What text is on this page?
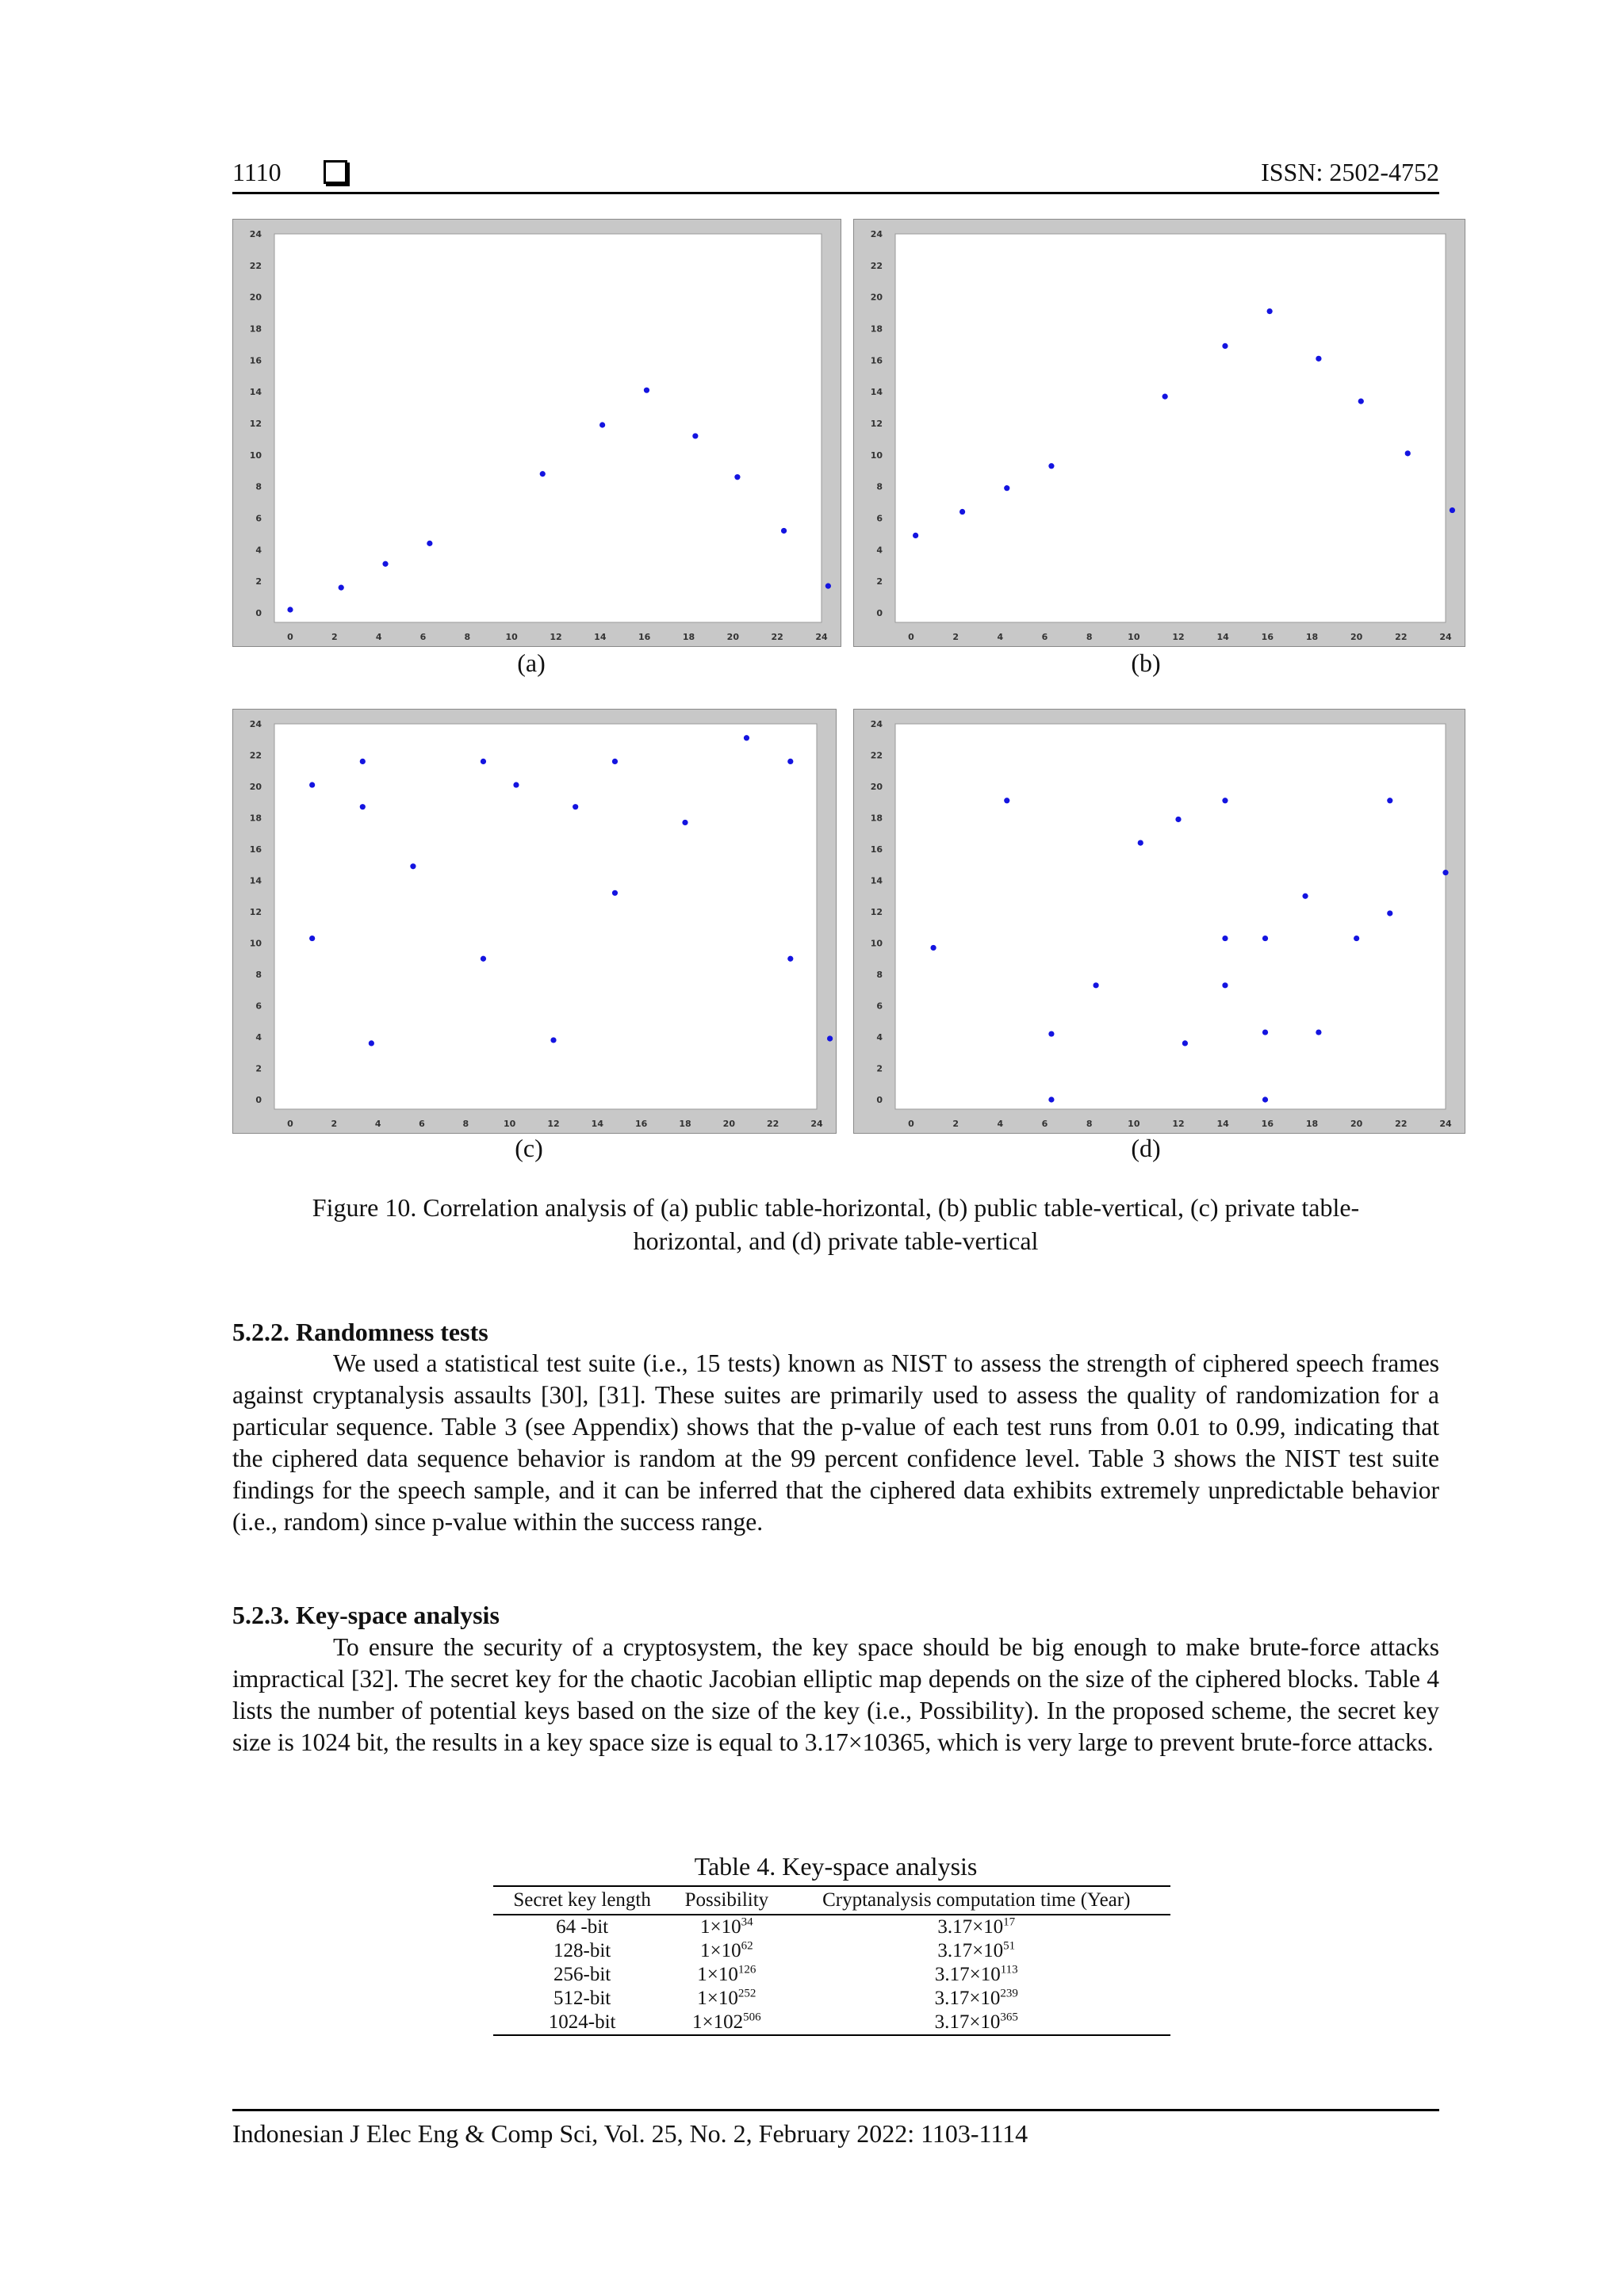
1110	ISSN: 2502-4752
0	2	4	6	8	10	12	14	16	18	20	22	24
0
2
4
6
8
10
12
14
16
18
20
22
24
0	2	4	6	8	10	12	14	16	18	20	22	24
0
2
4
6
8
10
12
14
16
18
20
22
24
0	2	4	6	8	10	12	14	16	18	20	22	24
0
2
4
6
8
10
12
14
16
18
20
22
24
0	2	4	6	8	10	12	14	16	18	20	22	24
0
2
4
6
8
10
12
14
16
18
20
22
24
(a)	(b)
(c)	(d)
Figure 10. Correlation analysis of (a) public table-horizontal, (b) public table-vertical, (c) private table-
horizontal, and (d) private table-vertical
5.2.2. Randomness tests

We used a statistical test suite (i.e., 15 tests) known as NIST to assess the strength of ciphered speech frames against cryptanalysis assaults [30], [31]. These suites are primarily used to assess the quality of randomization for a particular sequence. Table 3 (see Appendix) shows that the p-value of each test runs from 0.01 to 0.99, indicating that the ciphered data sequence behavior is random at the 99 percent confidence level. Table 3 shows the NIST test suite findings for the speech sample, and it can be inferred that the ciphered data exhibits extremely unpredictable behavior (i.e., random) since p-value within the success range.

5.2.3. Key-space analysis

To ensure the security of a cryptosystem, the key space should be big enough to make brute-force attacks impractical [32]. The secret key for the chaotic Jacobian elliptic map depends on the size of the ciphered blocks. Table 4 lists the number of potential keys based on the size of the key (i.e., Possibility). In the proposed scheme, the secret key size is 1024 bit, the results in a key space size is equal to 3.17×10365, which is very large to prevent brute-force attacks.

Table 4. Key-space analysis
Secret key length	Possibility	Cryptanalysis computation time (Year)
64 -bit	$1\times 10^{34}$	$3.17\times 10^{17}$
128-bit	$1\times 10^{62}$	$3.17\times 10^{51}$
256-bit	$1\times 10^{126}$	$3.17\times 10^{113}$
512-bit	$1\times 10^{252}$	$3.17\times 10^{239}$
1024-bit	$1\times 102^{506}$	$3.17\times 10^{365}$
Indonesian J Elec Eng & Comp Sci, Vol. 25, No. 2, February 2022: 1103-1114
